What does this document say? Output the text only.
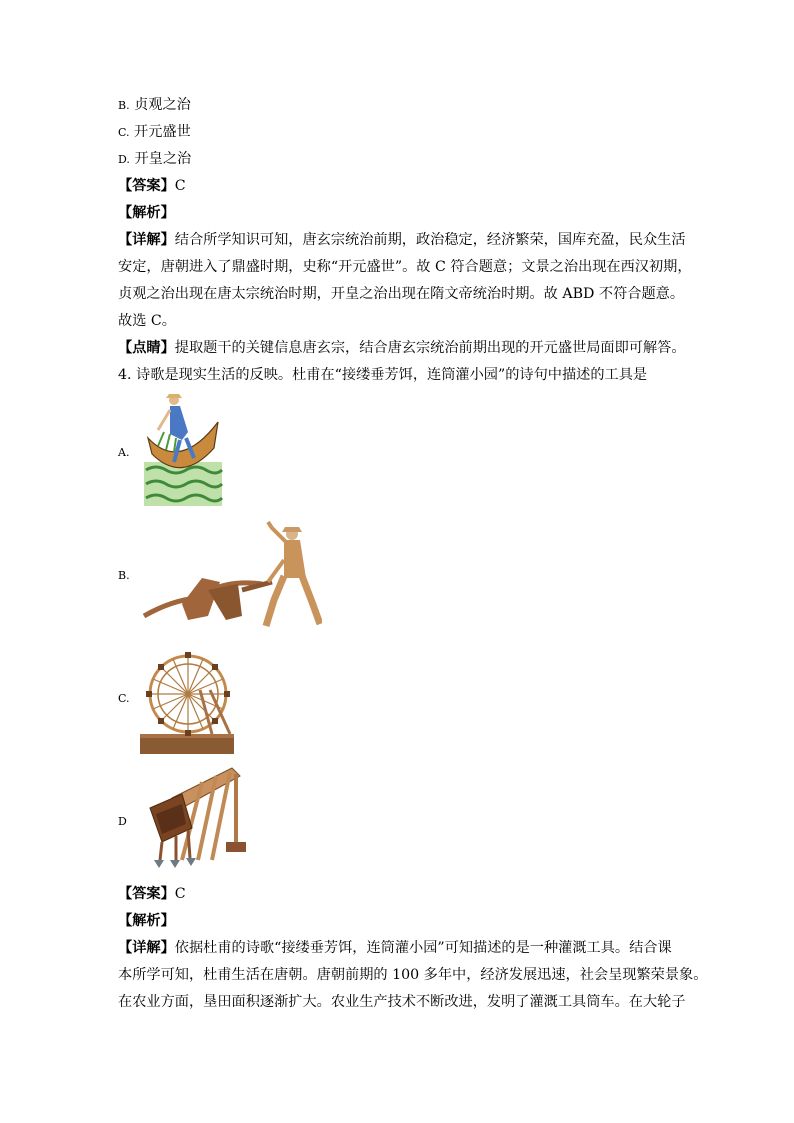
B. 贞观之治
C. 开元盛世
D. 开皇之治
【答案】C
【解析】
【详解】结合所学知识可知，唐玄宗统治前期，政治稳定，经济繁荣，国库充盈，民众生活
安定，唐朝进入了鼎盛时期，史称“开元盛世”。故 C 符合题意；文景之治出现在西汉初期，
贞观之治出现在唐太宗统治时期，开皇之治出现在隋文帝统治时期。故 ABD 不符合题意。
故选 C。
【点睛】提取题干的关键信息唐玄宗，结合唐玄宗统治前期出现的开元盛世局面即可解答。
4. 诗歌是现实生活的反映。杜甫在“接缕垂芳饵，连筒灌小园”的诗句中描述的工具是
A.
B.
C.
D
【答案】C
【解析】
【详解】依据杜甫的诗歌“接缕垂芳饵，连筒灌小园”可知描述的是一种灌溉工具。结合课
本所学可知，杜甫生活在唐朝。唐朝前期的 100 多年中，经济发展迅速，社会呈现繁荣景象。
在农业方面，垦田面积逐渐扩大。农业生产技术不断改进，发明了灌溉工具筒车。在大轮子
